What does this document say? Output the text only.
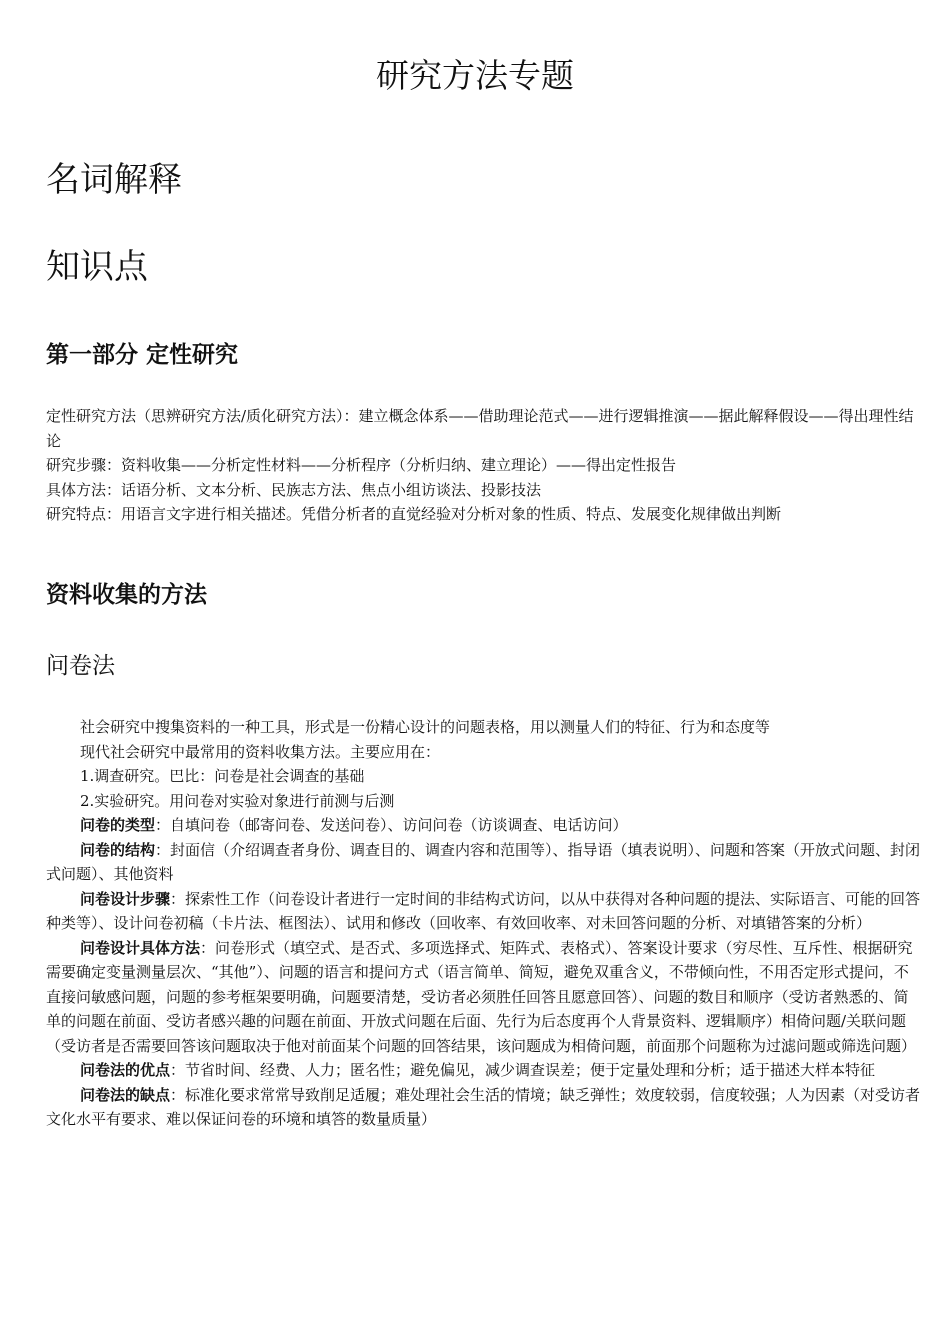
研究方法专题
名词解释
知识点
第一部分 定性研究

定性研究方法（思辨研究方法/质化研究方法）：建立概念体系——借助理论范式——进行逻辑推演——据此解释假设——得出理性结论

研究步骤：资料收集——分析定性材料——分析程序（分析归纳、建立理论）——得出定性报告

具体方法：话语分析、文本分析、民族志方法、焦点小组访谈法、投影技法

研究特点：用语言文字进行相关描述。凭借分析者的直觉经验对分析对象的性质、特点、发展变化规律做出判断

资料收集的方法
问卷法

社会研究中搜集资料的一种工具，形式是一份精心设计的问题表格，用以测量人们的特征、行为和态度等

现代社会研究中最常用的资料收集方法。主要应用在：

1.调查研究。巴比：问卷是社会调查的基础

2.实验研究。用问卷对实验对象进行前测与后测

问卷的类型：自填问卷（邮寄问卷、发送问卷）、访问问卷（访谈调查、电话访问）

问卷的结构：封面信（介绍调查者身份、调查目的、调查内容和范围等）、指导语（填表说明）、问题和答案（开放式问题、封闭式问题）、其他资料

问卷设计步骤：探索性工作（问卷设计者进行一定时间的非结构式访问，以从中获得对各种问题的提法、实际语言、可能的回答种类等）、设计问卷初稿（卡片法、框图法）、试用和修改（回收率、有效回收率、对未回答问题的分析、对填错答案的分析）

问卷设计具体方法：问卷形式（填空式、是否式、多项选择式、矩阵式、表格式）、答案设计要求（穷尽性、互斥性、根据研究需要确定变量测量层次、“其他”）、问题的语言和提问方式（语言简单、简短，避免双重含义，不带倾向性，不用否定形式提问，不直接问敏感问题，问题的参考框架要明确，问题要清楚，受访者必须胜任回答且愿意回答）、问题的数目和顺序（受访者熟悉的、简单的问题在前面、受访者感兴趣的问题在前面、开放式问题在后面、先行为后态度再个人背景资料、逻辑顺序）相倚问题/关联问题（受访者是否需要回答该问题取决于他对前面某个问题的回答结果，该问题成为相倚问题，前面那个问题称为过滤问题或筛选问题）

问卷法的优点：节省时间、经费、人力；匿名性；避免偏见，减少调查误差；便于定量处理和分析；适于描述大样本特征

问卷法的缺点：标准化要求常常导致削足适履；难处理社会生活的情境；缺乏弹性；效度较弱，信度较强；人为因素（对受访者文化水平有要求、难以保证问卷的环境和填答的数量质量）
